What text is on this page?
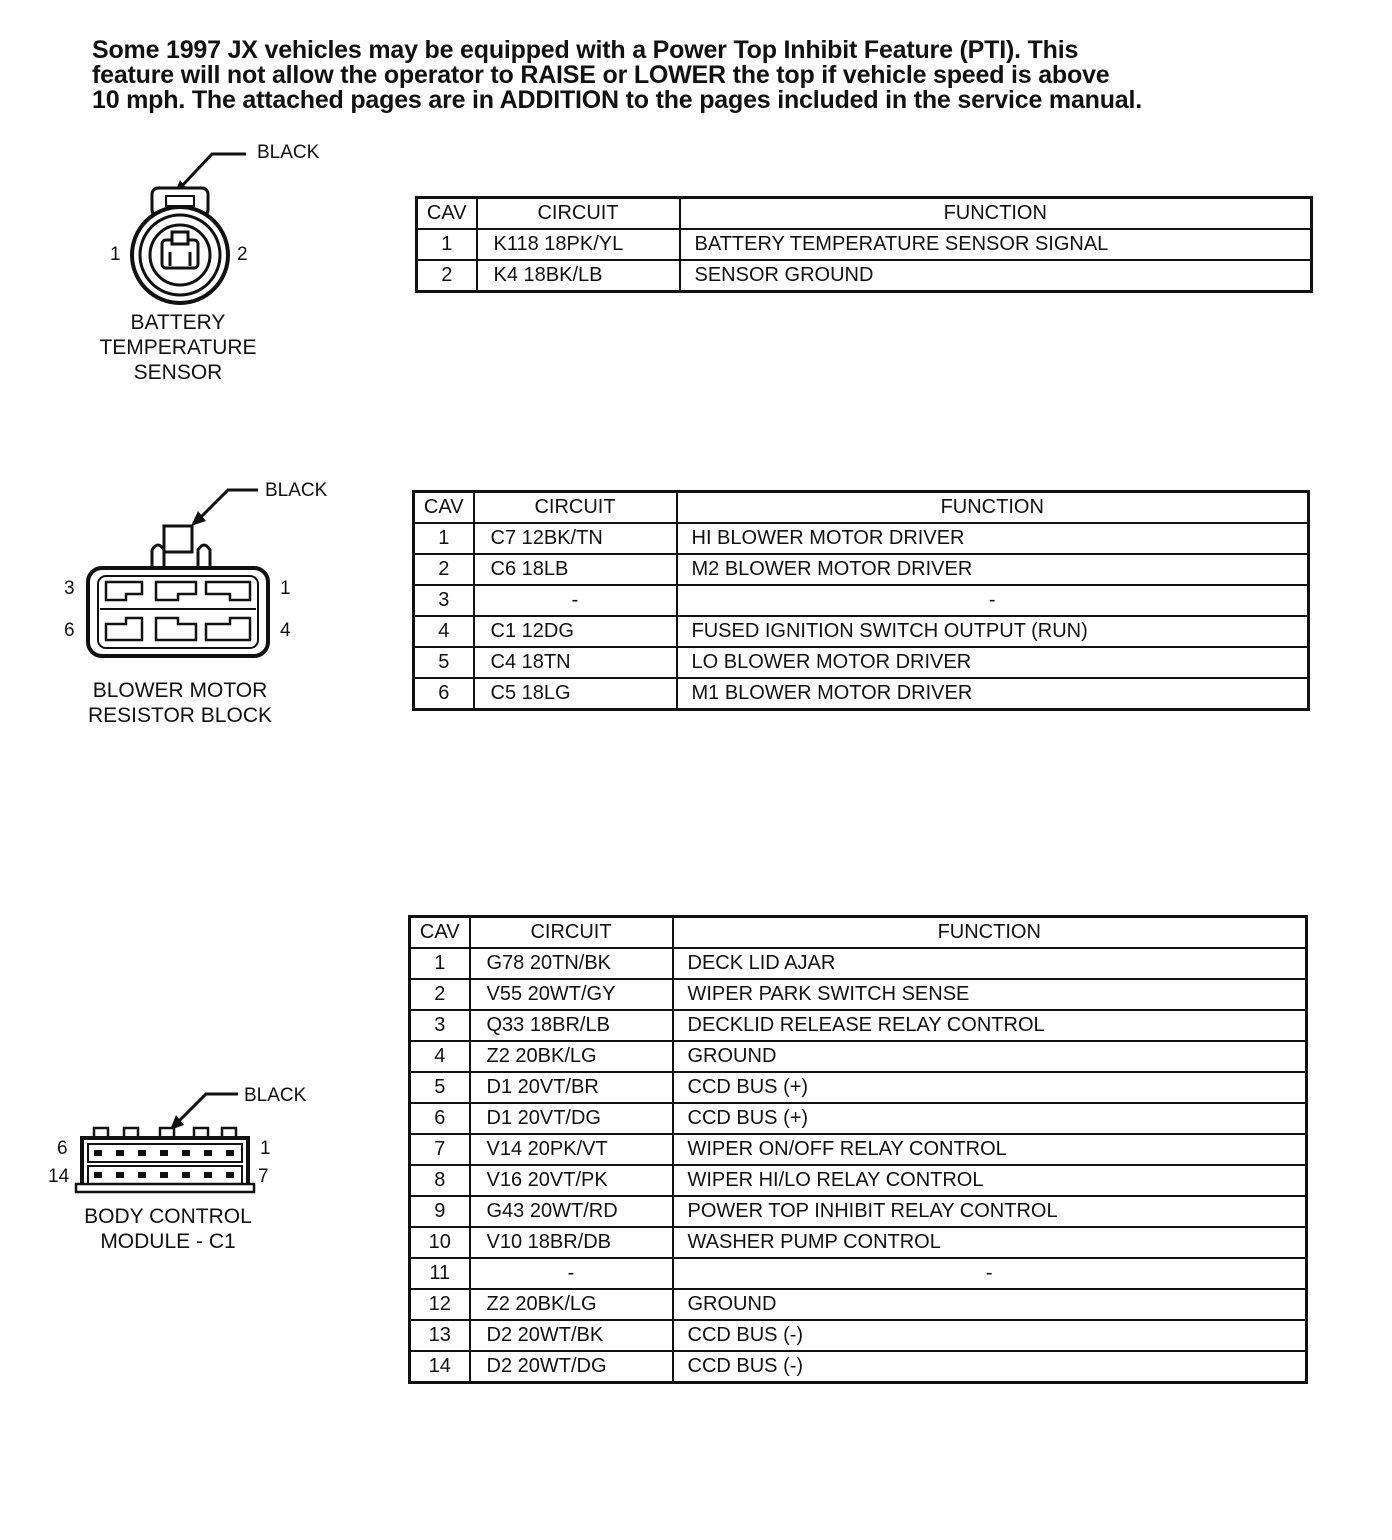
Some 1997 JX vehicles may be equipped with a Power Top Inhibit Feature (PTI). This
feature will not allow the operator to RAISE or LOWER the top if vehicle speed is above
10 mph. The attached pages are in ADDITION to the pages included in the service manual.
BLACK
1	2
BATTERY
TEMPERATURE
SENSOR
CAV	CIRCUIT	FUNCTION
1	K118 18PK/YL	BATTERY TEMPERATURE SENSOR SIGNAL
2	K4 18BK/LB	SENSOR GROUND
3	1
6	4
BLACK
BLOWER MOTOR
RESISTOR BLOCK
CAV	CIRCUIT	FUNCTION
1	C7 12BK/TN	HI BLOWER MOTOR DRIVER
2	C6 18LB	M2 BLOWER MOTOR DRIVER
3	-	-
4	C1 12DG	FUSED IGNITION SWITCH OUTPUT (RUN)
5	C4 18TN	LO BLOWER MOTOR DRIVER
6	C5 18LG	M1 BLOWER MOTOR DRIVER
BLACK
6	1
14	7
BODY CONTROL
MODULE - C1
CAV	CIRCUIT	FUNCTION
1	G78 20TN/BK	DECK LID AJAR
2	V55 20WT/GY	WIPER PARK SWITCH SENSE
3	Q33 18BR/LB	DECKLID RELEASE RELAY CONTROL
4	Z2 20BK/LG	GROUND
5	D1 20VT/BR	CCD BUS (+)
6	D1 20VT/DG	CCD BUS (+)
7	V14 20PK/VT	WIPER ON/OFF RELAY CONTROL
8	V16 20VT/PK	WIPER HI/LO RELAY CONTROL
9	G43 20WT/RD	POWER TOP INHIBIT RELAY CONTROL
10	V10 18BR/DB	WASHER PUMP CONTROL
11	-	-
12	Z2 20BK/LG	GROUND
13	D2 20WT/BK	CCD BUS (-)
14	D2 20WT/DG	CCD BUS (-)
